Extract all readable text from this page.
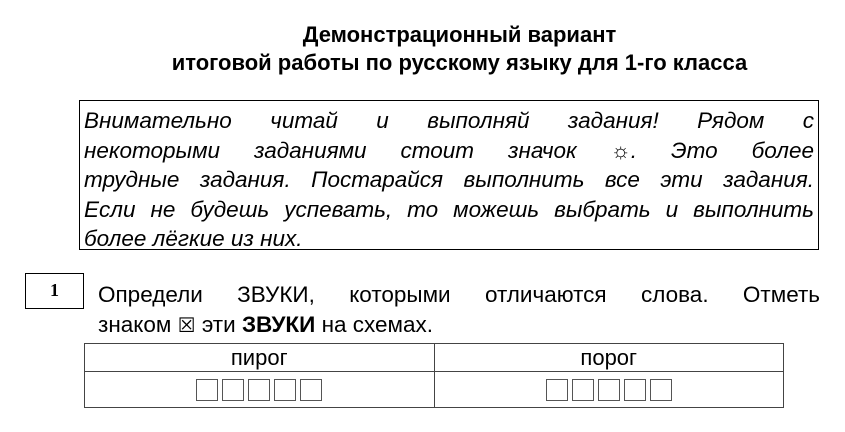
Демонстрационный вариант
итоговой работы по русскому языку для 1-го класса
Внимательно читай и выполняй задания! Рядом с
некоторыми заданиями стоит значок ☼. Это более
трудные задания. Постарайся выполнить все эти задания.
Если не будешь успевать, то можешь выбрать и выполнить
более лёгкие из них.
1	Определи ЗВУКИ, которыми отличаются слова. Отметь
знаком ☒ эти ЗВУКИ на схемах.
пирог	порог
